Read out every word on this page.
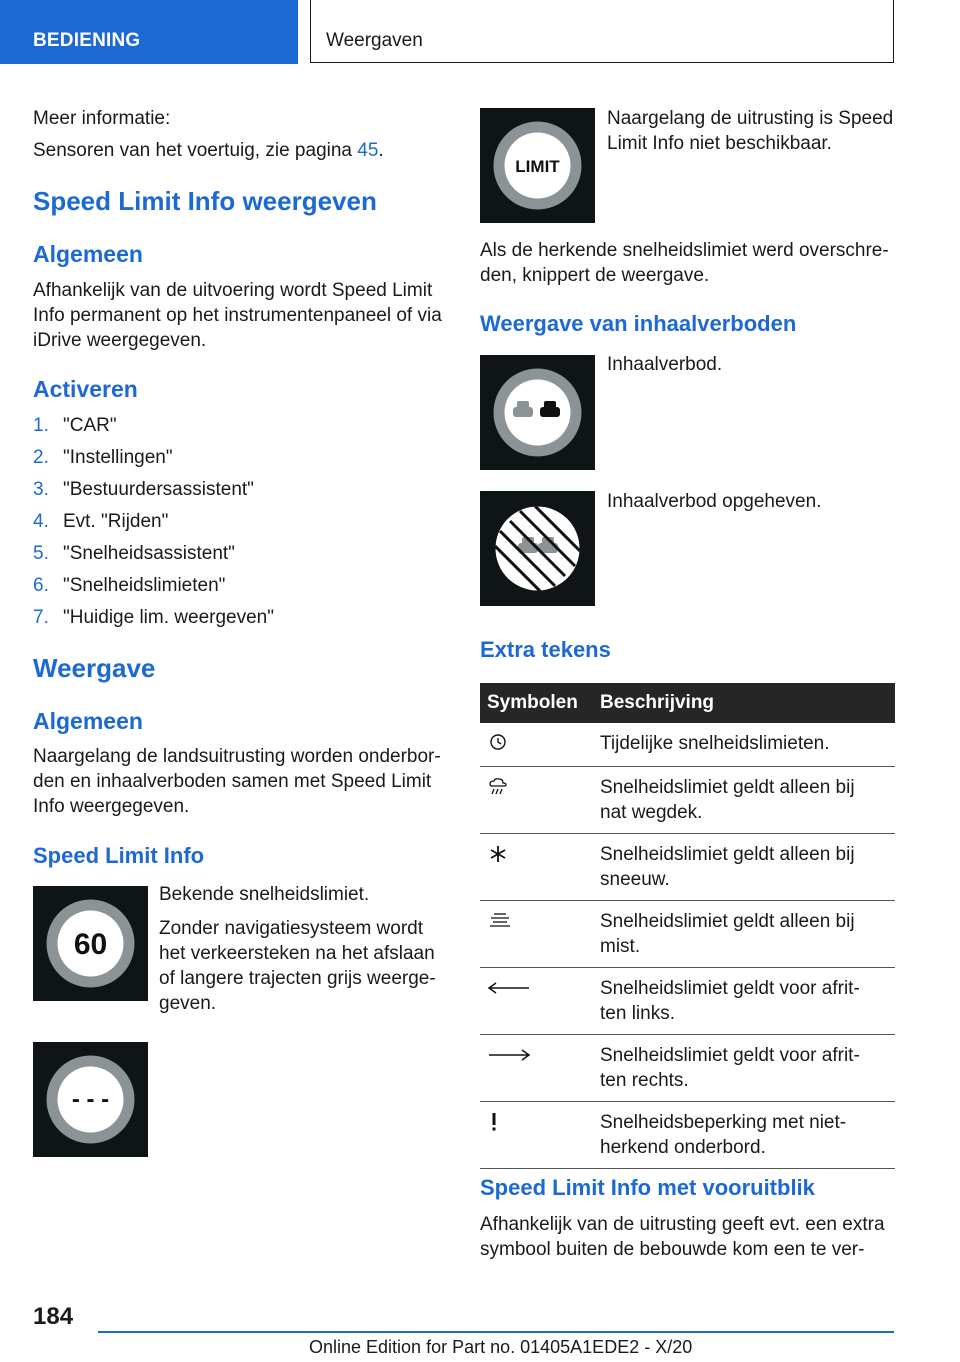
BEDIENING	Weergaven

Meer informatie:

Sensoren van het voertuig, zie pagina 45.

Speed Limit Info weergeven
Algemeen

Afhankelijk van de uitvoering wordt Speed Limit

Info permanent op het instrumentenpaneel of via

iDrive weergegeven.

Activeren
1. "CAR"
2. "Instellingen"
3. "Bestuurdersassistent"
4. Evt. "Rijden"
5. "Snelheidsassistent"
6. "Snelheidslimieten"
7. "Huidige lim. weergeven"
Weergave
Algemeen

Naargelang de landsuitrusting worden onderbor-

den en inhaalverboden samen met Speed Limit

Info weergegeven.

Speed Limit Info
60

Bekende snelheidslimiet.

Zonder navigatiesysteem wordt

het verkeersteken na het afslaan

of langere trajecten grijs weerge-

geven.

- - -
LIMIT

Naargelang de uitrusting is Speed

Limit Info niet beschikbaar.

Als de herkende snelheidslimiet werd overschre-

den, knippert de weergave.

Weergave van inhaalverboden

Inhaalverbod.

Inhaalverbod opgeheven.

Extra tekens
Symbolen	Beschrijving

Tijdelijke snelheidslimieten.

Snelheidslimiet geldt alleen bij
nat wegdek.

Snelheidslimiet geldt alleen bij
sneeuw.

Snelheidslimiet geldt alleen bij
mist.

Snelheidslimiet geldt voor afrit-
ten links.

Snelheidslimiet geldt voor afrit-
ten rechts.

Snelheidsbeperking met niet-
herkend onderbord.
Speed Limit Info met vooruitblik

Afhankelijk van de uitrusting geeft evt. een extra

symbool buiten de bebouwde kom een te ver-

184
Online Edition for Part no. 01405A1EDE2 - X/20
